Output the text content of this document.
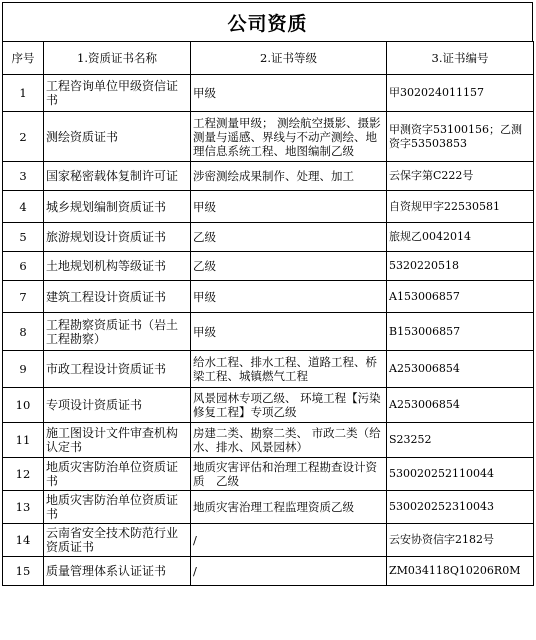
公司资质
序号	1.资质证书名称	2.证书等级	3.证书编号
1	工程咨询单位甲级资信证书	甲级	甲302024011157
2	测绘资质证书	工程测量甲级； 测绘航空摄影、摄影测量与遥感、界线与不动产测绘、地理信息系统工程、地图编制乙级	甲测资字53100156；乙测资字53503853
3	国家秘密载体复制许可证	涉密测绘成果制作、处理、加工	云保字第C222号
4	城乡规划编制资质证书	甲级	自资规甲字22530581
5	旅游规划设计资质证书	乙级	旅规乙0042014
6	土地规划机构等级证书	乙级	5320220518
7	建筑工程设计资质证书	甲级	A153006857
8	工程勘察资质证书（岩土工程勘察）	甲级	B153006857
9	市政工程设计资质证书	给水工程、排水工程、道路工程、桥梁工程、城镇燃气工程	A253006854
10	专项设计资质证书	风景园林专项乙级、 环境工程【污染修复工程】专项乙级	A253006854
11	施工图设计文件审查机构认定书	房建二类、勘察二类、 市政二类（给水、排水、风景园林）	S23252
12	地质灾害防治单位资质证书	地质灾害评估和治理工程勘查设计资质　乙级	530020252110044
13	地质灾害防治单位资质证书	地质灾害治理工程监理资质乙级	530020252310043
14	云南省安全技术防范行业资质证书	/	云安协资信字2182号
15	质量管理体系认证证书	/	ZM034118Q10206R0M
